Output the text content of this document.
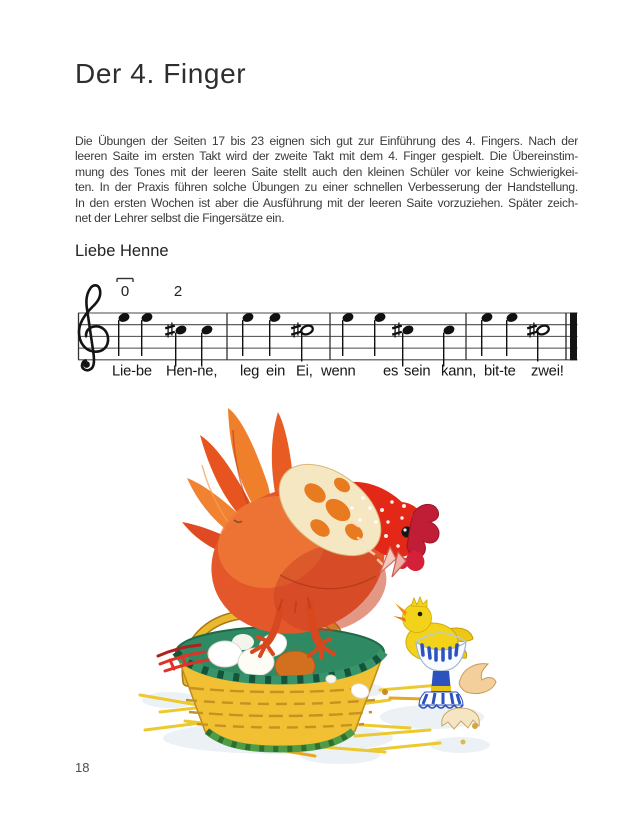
Der 4. Finger
Die Übungen der Seiten 17 bis 23 eignen sich gut zur Einführung des 4. Fingers. Nach der
leeren Saite im ersten Takt wird der zweite Takt mit dem 4. Finger gespielt. Die Übereinstim-
mung des Tones mit der leeren Saite stellt auch den kleinen Schüler vor keine Schwierigkei-
ten. In der Praxis führen solche Übungen zu einer schnellen Verbesserung der Handstellung.
In den ersten Wochen ist aber die Ausführung mit der leeren Saite vorzuziehen. Später zeich-
net der Lehrer selbst die Fingersätze ein.
Liebe Henne
0	2
Lie-be Hen-ne, leg ein Ei, wenn es sein kann, bit-te zwei!
18
